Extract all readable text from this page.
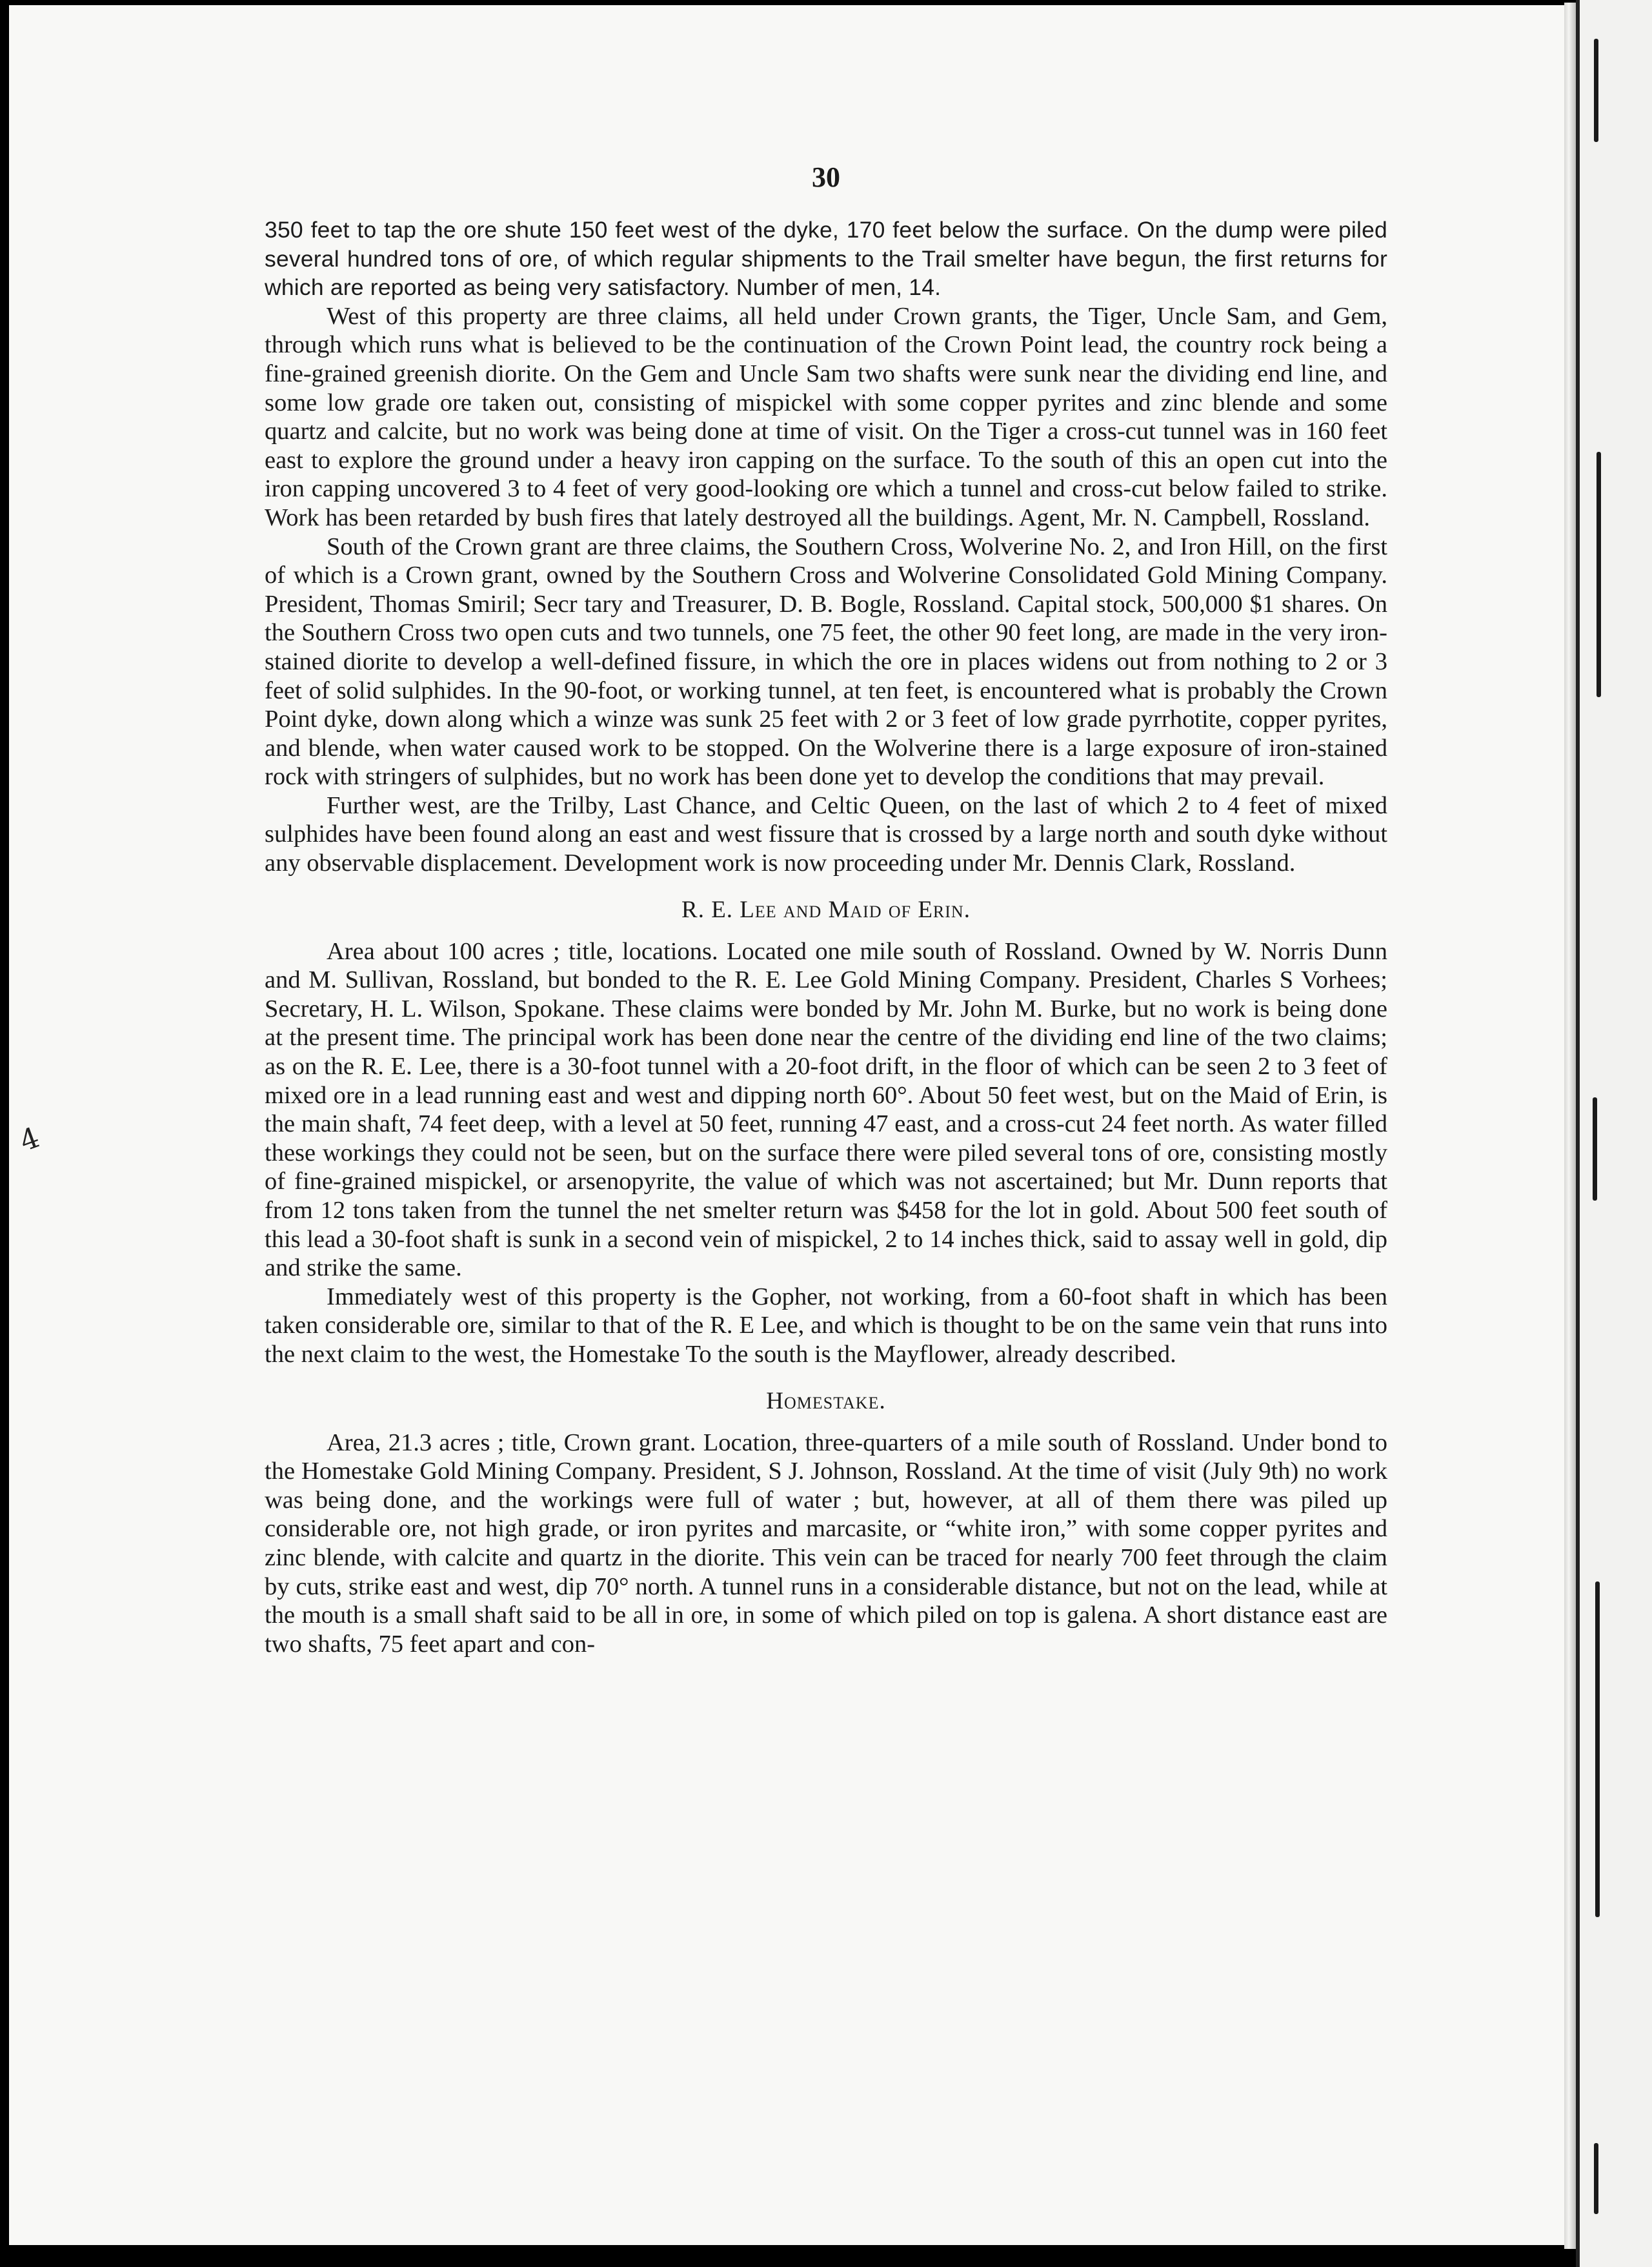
4
30

350 feet to tap the ore shute 150 feet west of the dyke, 170 feet below the surface. On the dump were piled several hundred tons of ore, of which regular shipments to the Trail smelter have begun, the first returns for which are reported as being very satisfactory. Number of men, 14.

West of this property are three claims, all held under Crown grants, the Tiger, Uncle Sam, and Gem, through which runs what is believed to be the continuation of the Crown Point lead, the country rock being a fine-grained greenish diorite. On the Gem and Uncle Sam two shafts were sunk near the dividing end line, and some low grade ore taken out, consisting of mispickel with some copper pyrites and zinc blende and some quartz and calcite, but no work was being done at time of visit. On the Tiger a cross-cut tunnel was in 160 feet east to explore the ground under a heavy iron capping on the surface. To the south of this an open cut into the iron capping uncovered 3 to 4 feet of very good-looking ore which a tunnel and cross-cut below failed to strike. Work has been retarded by bush fires that lately destroyed all the buildings. Agent, Mr. N. Campbell, Rossland.

South of the Crown grant are three claims, the Southern Cross, Wolverine No. 2, and Iron Hill, on the first of which is a Crown grant, owned by the Southern Cross and Wolverine Consolidated Gold Mining Company. President, Thomas Smiril; Secr tary and Treasurer, D. B. Bogle, Rossland. Capital stock, 500,000 $1 shares. On the Southern Cross two open cuts and two tunnels, one 75 feet, the other 90 feet long, are made in the very iron-stained diorite to develop a well-defined fissure, in which the ore in places widens out from nothing to 2 or 3 feet of solid sulphides. In the 90-foot, or working tunnel, at ten feet, is encountered what is probably the Crown Point dyke, down along which a winze was sunk 25 feet with 2 or 3 feet of low grade pyrrhotite, copper pyrites, and blende, when water caused work to be stopped. On the Wolverine there is a large exposure of iron-stained rock with stringers of sulphides, but no work has been done yet to develop the conditions that may prevail.

Further west, are the Trilby, Last Chance, and Celtic Queen, on the last of which 2 to 4 feet of mixed sulphides have been found along an east and west fissure that is crossed by a large north and south dyke without any observable displacement. Development work is now proceeding under Mr. Dennis Clark, Rossland.

R. E. Lee and Maid of Erin.

Area about 100 acres ; title, locations. Located one mile south of Rossland. Owned by W. Norris Dunn and M. Sullivan, Rossland, but bonded to the R. E. Lee Gold Mining Company. President, Charles S Vorhees; Secretary, H. L. Wilson, Spokane. These claims were bonded by Mr. John M. Burke, but no work is being done at the present time. The principal work has been done near the centre of the dividing end line of the two claims; as on the R. E. Lee, there is a 30-foot tunnel with a 20-foot drift, in the floor of which can be seen 2 to 3 feet of mixed ore in a lead running east and west and dipping north 60°. About 50 feet west, but on the Maid of Erin, is the main shaft, 74 feet deep, with a level at 50 feet, running 47 east, and a cross-cut 24 feet north. As water filled these workings they could not be seen, but on the surface there were piled several tons of ore, consisting mostly of fine-grained mispickel, or arsenopyrite, the value of which was not ascertained; but Mr. Dunn reports that from 12 tons taken from the tunnel the net smelter return was $458 for the lot in gold. About 500 feet south of this lead a 30-foot shaft is sunk in a second vein of mispickel, 2 to 14 inches thick, said to assay well in gold, dip and strike the same.

Immediately west of this property is the Gopher, not working, from a 60-foot shaft in which has been taken considerable ore, similar to that of the R. E Lee, and which is thought to be on the same vein that runs into the next claim to the west, the Homestake To the south is the Mayflower, already described.

Homestake.

Area, 21.3 acres ; title, Crown grant. Location, three-quarters of a mile south of Rossland. Under bond to the Homestake Gold Mining Company. President, S J. Johnson, Rossland. At the time of visit (July 9th) no work was being done, and the workings were full of water ; but, however, at all of them there was piled up considerable ore, not high grade, or iron pyrites and marcasite, or “white iron,” with some copper pyrites and zinc blende, with calcite and quartz in the diorite. This vein can be traced for nearly 700 feet through the claim by cuts, strike east and west, dip 70° north. A tunnel runs in a considerable distance, but not on the lead, while at the mouth is a small shaft said to be all in ore, in some of which piled on top is galena. A short distance east are two shafts, 75 feet apart and con-
